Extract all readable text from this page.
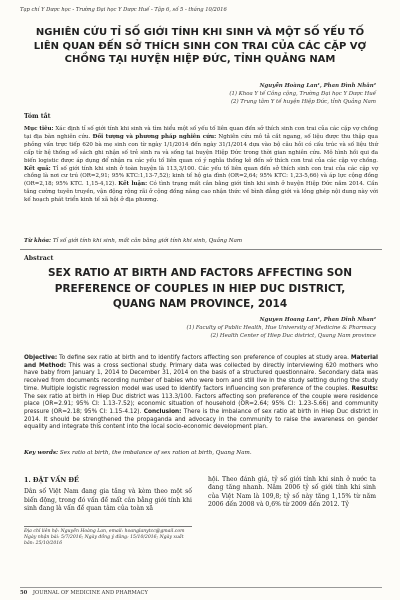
Tạp chí Y Dược học - Trường Đại học Y Dược Huế - Tập 6, số 5 - tháng 10/2016
NGHIÊN CỨU TỈ SỐ GIỚI TÍNH KHI SINH VÀ MỘT SỐ YẾU TỐ LIÊN QUAN ĐẾN SỞ THÍCH SINH CON TRAI CỦA CÁC CẶP VỢ CHỒNG TẠI HUYỆN HIỆP ĐỨC, TỈNH QUẢNG NAM
Nguyễn Hoàng Lan¹, Phan Đình Nhân²
(1) Khoa Y tế Công cộng, Trường Đại học Y Dược Huế
(2) Trung tâm Y tế huyện Hiệp Đức, tỉnh Quảng Nam
Tóm tắt

Mục tiêu: Xác định tỉ số giới tính khi sinh và tìm hiểu một số yếu tố liên quan đến sở thích sinh con trai của các cặp vợ chồng tại địa bàn nghiên cứu. Đối tượng và phương pháp nghiên cứu: Nghiên cứu mô tả cắt ngang, số liệu được thu thập qua phỏng vấn trực tiếp 620 bà mẹ sinh con từ ngày 1/1/2014 đến ngày 31/1/2014 dựa vào bộ câu hỏi có cấu trúc và số liệu thứ cấp từ hệ thống sổ sách ghi nhận số trẻ sinh ra và sống tại huyện Hiệp Đức trong thời gian nghiên cứu. Mô hình hồi qui đa biến logistic được áp dụng để nhận ra các yếu tố liên quan có ý nghĩa thống kê đến sở thích con trai của các cặp vợ chồng. Kết quả: Tỉ số giới tính khi sinh ở toàn huyện là 113,3/100. Các yếu tố liên quan đến sở thích sinh con trai của các cặp vợ chồng là nơi cư trú (OR=2,91; 95% KTC:1,13-7,52); kinh tế hộ gia đình (OR=2,64; 95% KTC: 1,23-5,66) và áp lực cộng đồng (OR=2,18; 95% KTC. 1,15-4,12). Kết luận: Có tình trạng mất cân bằng giới tính khi sinh ở huyện Hiệp Đức năm 2014. Cần tăng cường tuyên truyền, vận động rộng rãi ở cộng đồng nâng cao nhận thức về bình đẳng giới và lồng ghép nội dung này với kế hoạch phát triển kinh tế xã hội ở địa phương.

Từ khóa: Tỉ số giới tính khi sinh, mất cân bằng giới tính khi sinh, Quảng Nam

Abstract
SEX RATIO AT BIRTH AND FACTORS AFFECTING SON PREFERENCE OF COUPLES IN HIEP DUC DISTRICT, QUANG NAM PROVINCE, 2014
Nguyen Hoang Lan¹, Phan Dinh Nhan²
(1) Faculty of Public Health, Hue University of Medicine & Pharmacy
(2) Health Center of Hiep Duc district, Quang Nam province

Objective: To define sex ratio at birth and to identify factors affecting son preference of couples at study area. Material and Method: This was a cross sectional study. Primary data was collected by directly interviewing 620 mothers who have baby from January 1, 2014 to December 31, 2014 on the basis of a structured questionnaire. Secondary data was received from documents recording number of babies who were born and still live in the study setting during the study time. Multiple logistic regression model was used to identify factors influencing son preference of the couples. Results: The sex ratio at birth in Hiep Duc district was 113.3/100. Factors affecting son preference of the couple were residence place (OR=2.91; 95% CI: 1.13-7.52); economic situation of household (OR=2.64; 95% CI: 1.23-5.66) and community pressure (OR=2.18; 95% CI: 1.15-4.12). Conclusion: There is the imbalance of sex ratio at birth in Hiep Duc district in 2014. It should be strengthened the propaganda and advocacy in the community to raise the awareness on gender equality and integrate this content into the local socio-economic development plan.

Key words: Sex ratio at birth, the imbalance of sex ration at birth, Quang Nam.

1. ĐẶT VẤN ĐỀ

Dân số Việt Nam đang gia tăng và kèm theo một số biến động, trong đó vấn đề mất cân bằng giới tính khi sinh đang là vấn đề quan tâm của toàn xã

hội. Theo đánh giá, tỷ số giới tính khi sinh ở nước ta đang tăng nhanh. Năm 2006 tỷ số giới tính khi sinh của Việt Nam là 109,8; tỷ số này tăng 1,15% từ năm 2006 đến 2008 và 0,6% từ 2009 đến 2012. Tỷ

Địa chỉ liên hệ: Nguyễn Hoàng Lan, email: hoanglanytcc@gmail.com
Ngày nhận bài: 5/7/2016; Ngày đồng ý đăng: 15/10/2016; Ngày xuất bản: 25/10/2016
50 JOURNAL OF MEDICINE AND PHARMACY
